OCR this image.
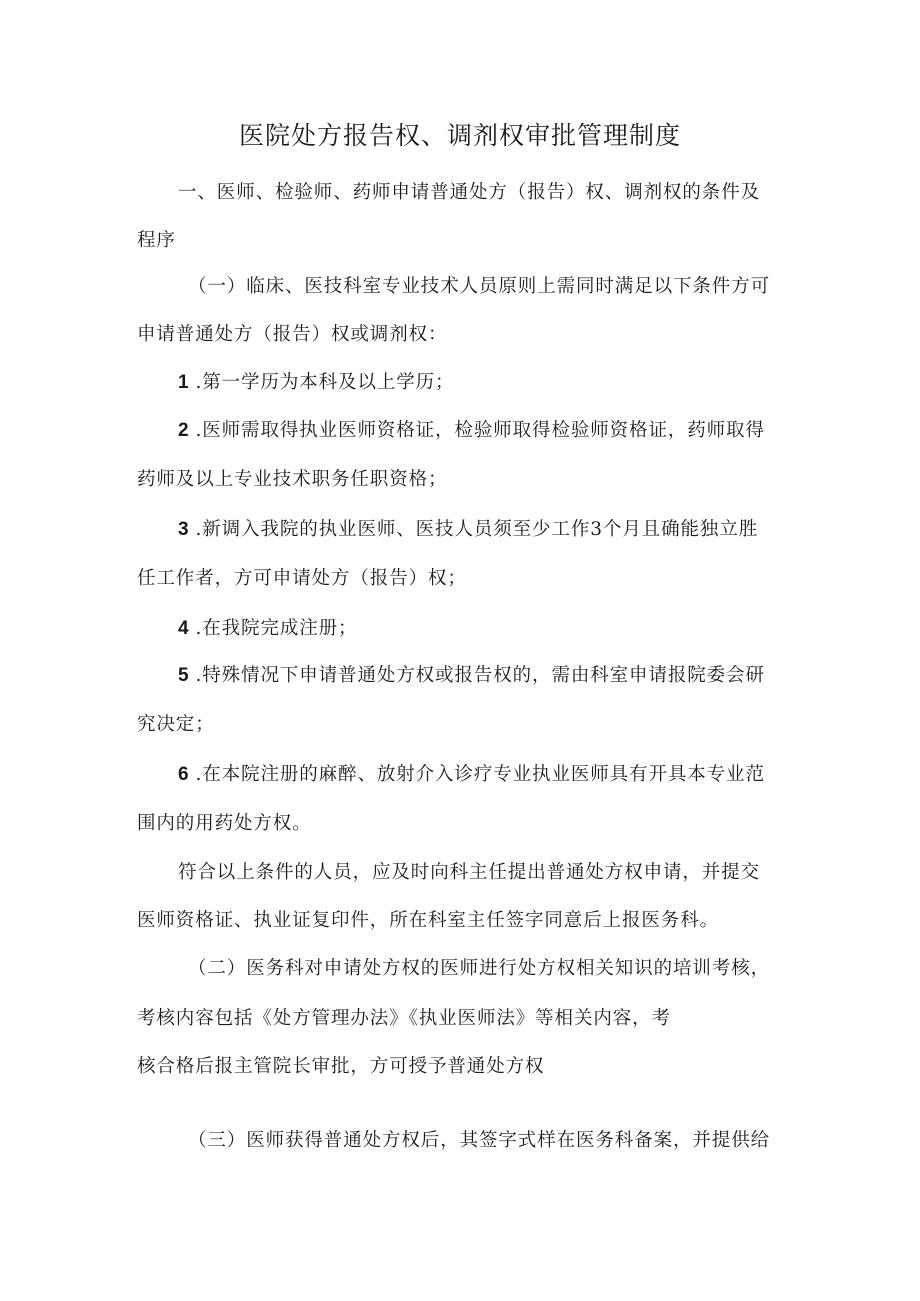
医院处方报告权、调剂权审批管理制度
一、医师、检验师、药师申请普通处方（报告）权、调剂权的条件及
程序
（一）临床、医技科室专业技术人员原则上需同时满足以下条件方可
申请普通处方（报告）权或调剂权：
1 .第一学历为本科及以上学历；
2 .医师需取得执业医师资格证，检验师取得检验师资格证，药师取得
药师及以上专业技术职务任职资格；
3 .新调入我院的执业医师、医技人员须至少工作3个月且确能独立胜
任工作者，方可申请处方（报告）权；
4 .在我院完成注册；
5 .特殊情况下申请普通处方权或报告权的，需由科室申请报院委会研
究决定；
6 .在本院注册的麻醉、放射介入诊疗专业执业医师具有开具本专业范
围内的用药处方权。
符合以上条件的人员，应及时向科主任提出普通处方权申请，并提交
医师资格证、执业证复印件，所在科室主任签字同意后上报医务科。
（二）医务科对申请处方权的医师进行处方权相关知识的培训考核，
考核内容包括《处方管理办法》《执业医师法》等相关内容，考
核合格后报主管院长审批，方可授予普通处方权
（三）医师获得普通处方权后，其签字式样在医务科备案，并提供给
